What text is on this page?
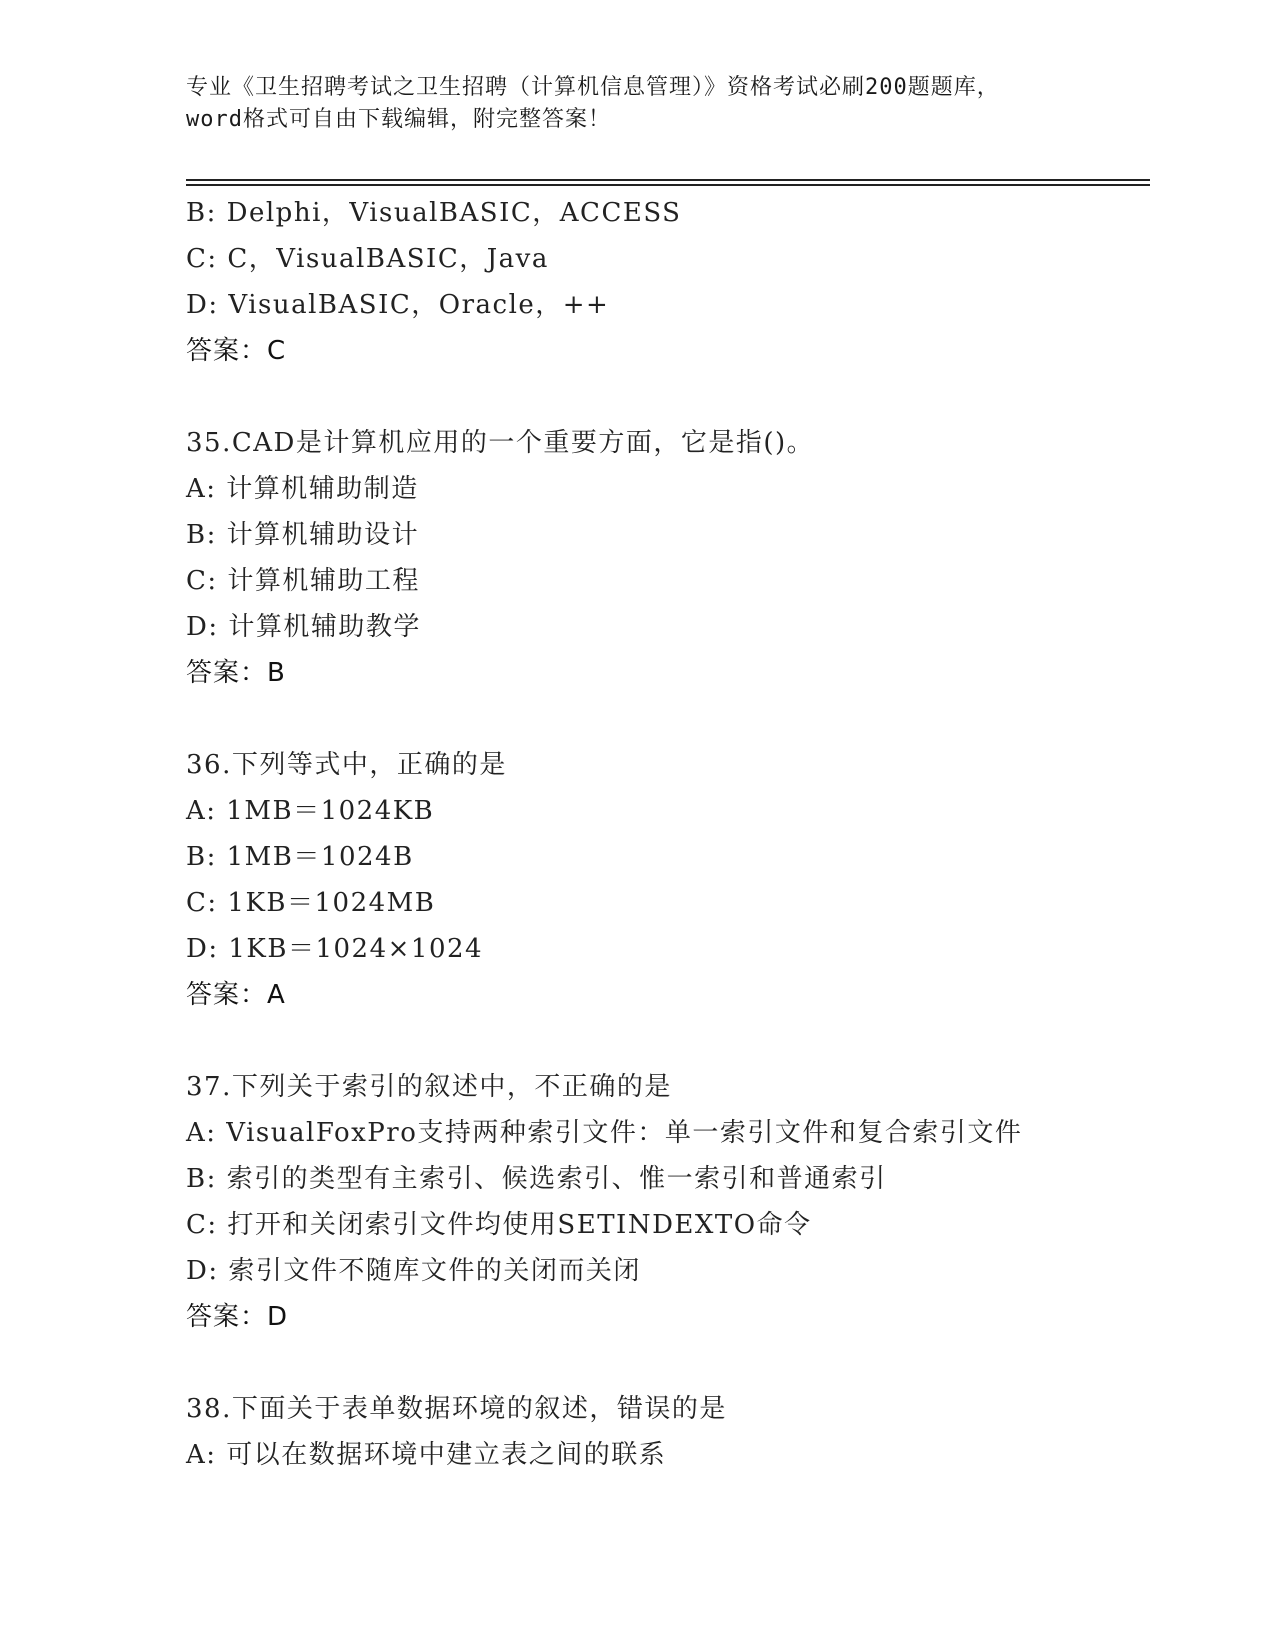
专业《卫生招聘考试之卫生招聘（计算机信息管理）》资格考试必刷200题题库，
word格式可自由下载编辑，附完整答案！
B: Delphi，VisualBASIC，ACCESS
C: C，VisualBASIC，Java
D: VisualBASIC，Oracle，++
答案：C
35.CAD是计算机应用的一个重要方面，它是指()。
A: 计算机辅助制造
B: 计算机辅助设计
C: 计算机辅助工程
D: 计算机辅助教学
答案：B
36.下列等式中，正确的是
A: 1MB＝1024KB
B: 1MB＝1024B
C: 1KB＝1024MB
D: 1KB＝1024×1024
答案：A
37.下列关于索引的叙述中，不正确的是
A: VisualFoxPro支持两种索引文件：单一索引文件和复合索引文件
B: 索引的类型有主索引、候选索引、惟一索引和普通索引
C: 打开和关闭索引文件均使用SETINDEXTO命令
D: 索引文件不随库文件的关闭而关闭
答案：D
38.下面关于表单数据环境的叙述，错误的是
A: 可以在数据环境中建立表之间的联系
